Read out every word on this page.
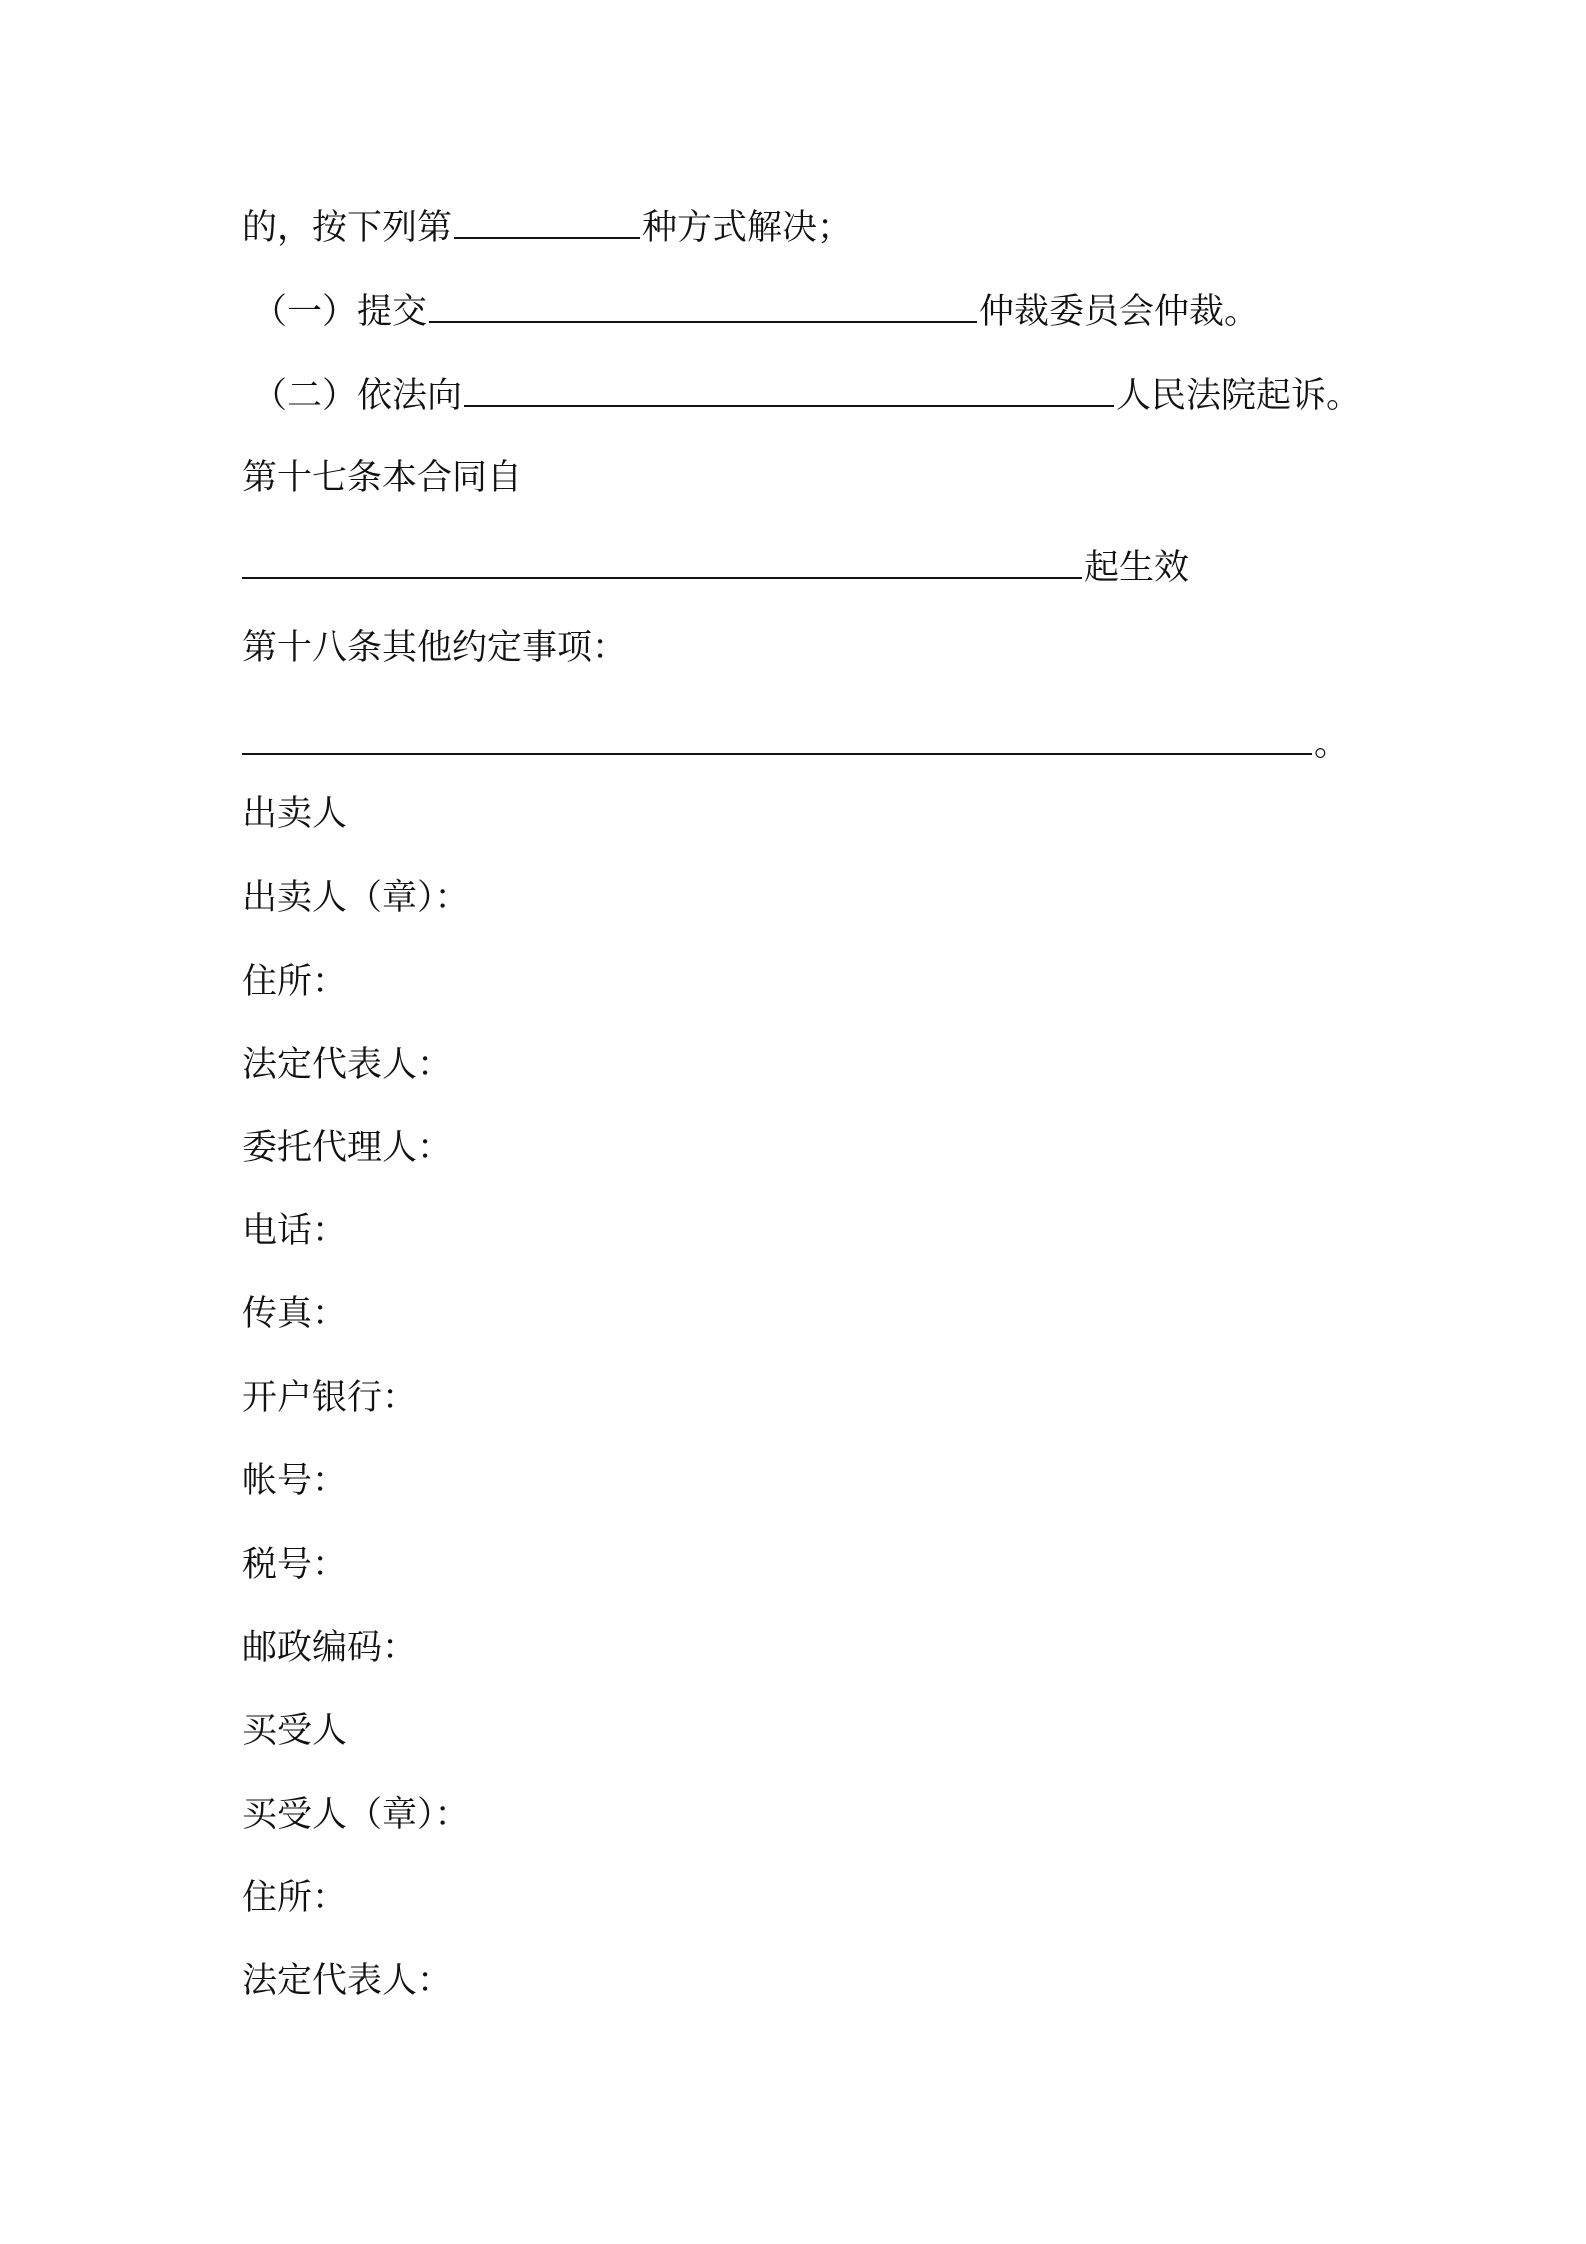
的，按下列第	种方式解决；
（一）提交	仲裁委员会仲裁。
（二）依法向	人民法院起诉。
第十七条本合同自
起生效
第十八条其他约定事项：
。
出卖人
出卖人（章）：
住所：
法定代表人：
委托代理人：
电话：
传真：
开户银行：
帐号：
税号：
邮政编码：
买受人
买受人（章）：
住所：
法定代表人：
